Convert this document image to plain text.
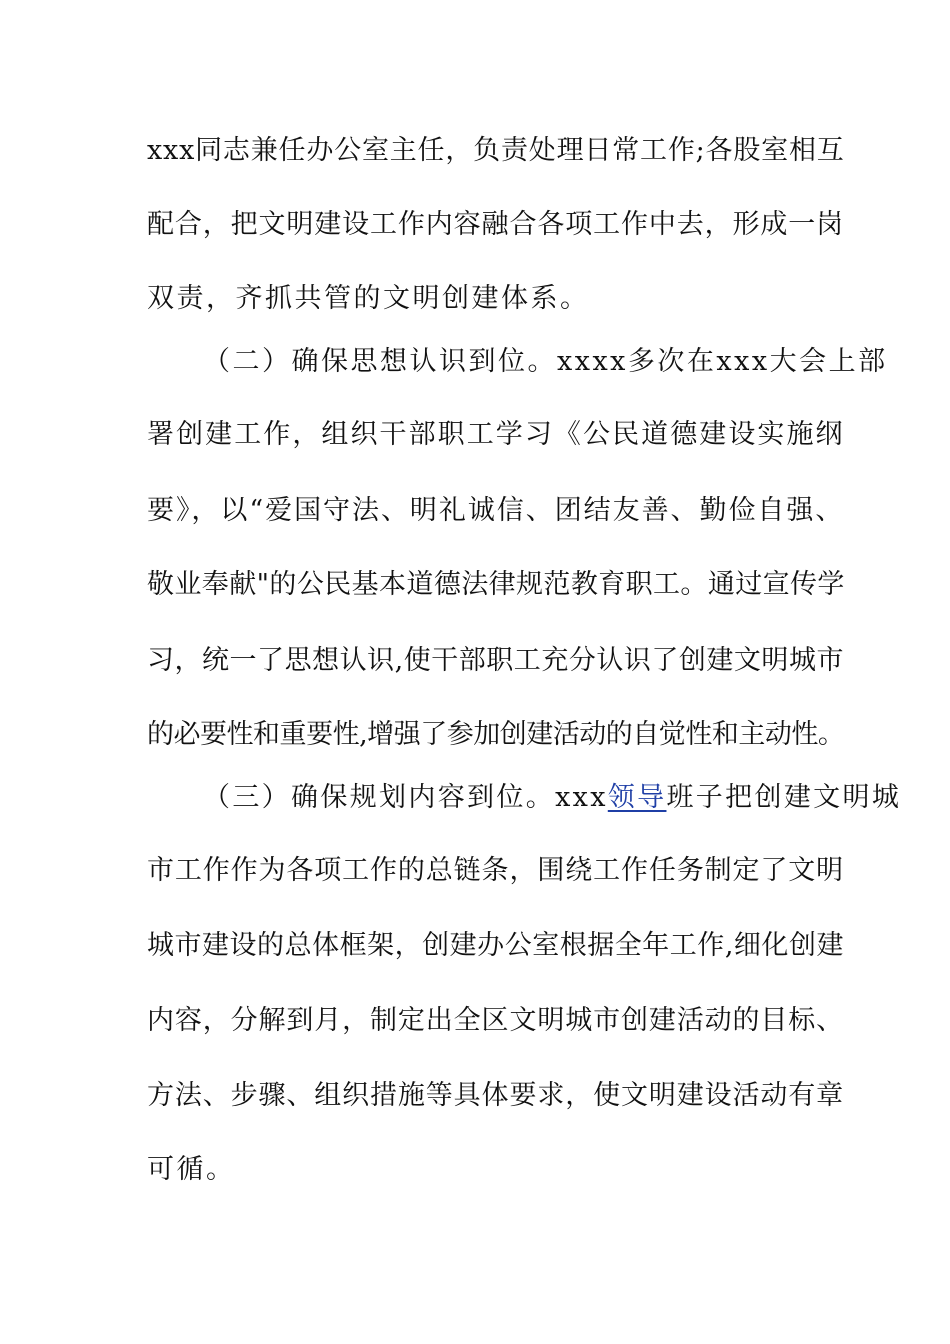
xxx同志兼任办公室主任，负责处理日常工作;各股室相互
配合，把文明建设工作内容融合各项工作中去，形成一岗
双责，齐抓共管的文明创建体系。
（二）确保思想认识到位。xxxx多次在xxx大会上部
署创建工作，组织干部职工学习《公民道德建设实施纲
要》，以“爱国守法、明礼诚信、团结友善、勤俭自强、
敬业奉献"的公民基本道德法律规范教育职工。通过宣传学
习，统一了思想认识,使干部职工充分认识了创建文明城市
的必要性和重要性,增强了参加创建活动的自觉性和主动性。
（三）确保规划内容到位。xxx领导班子把创建文明城
市工作作为各项工作的总链条，围绕工作任务制定了文明
城市建设的总体框架，创建办公室根据全年工作,细化创建
内容，分解到月，制定出全区文明城市创建活动的目标、
方法、步骤、组织措施等具体要求，使文明建设活动有章
可循。
